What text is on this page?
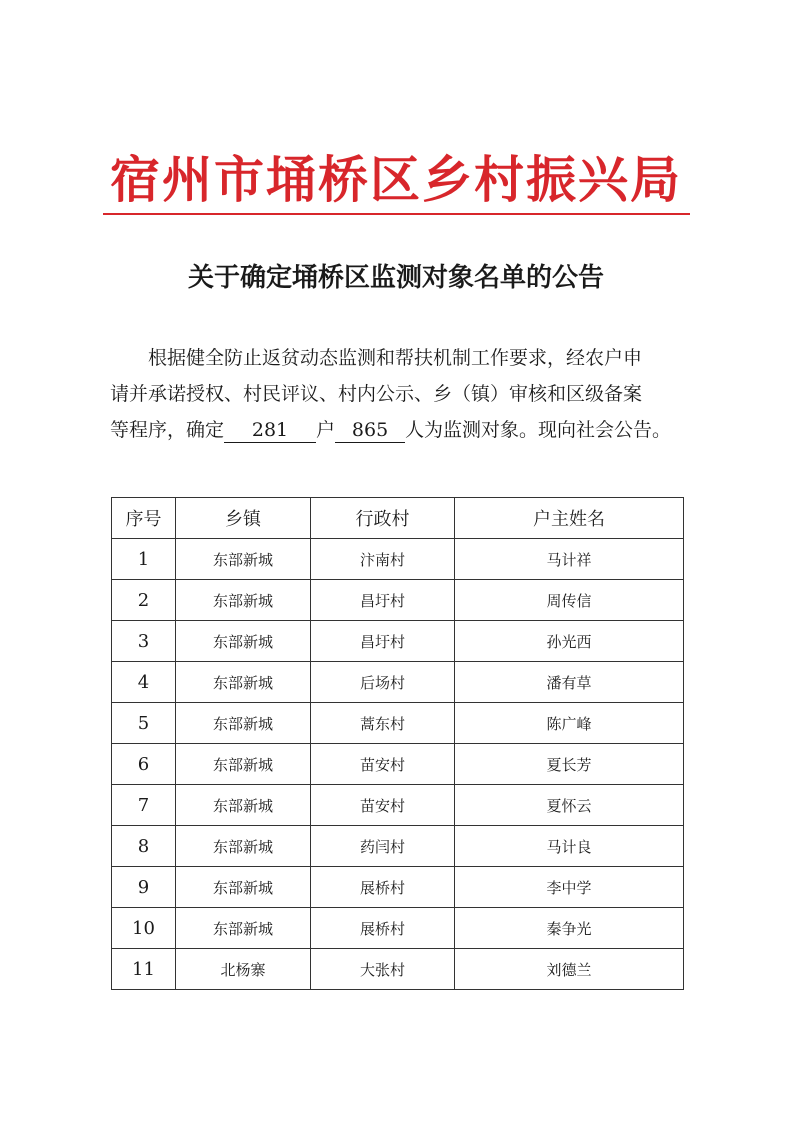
宿州市埇桥区乡村振兴局
关于确定埇桥区监测对象名单的公告
根据健全防止返贫动态监测和帮扶机制工作要求，经农户申
请并承诺授权、村民评议、村内公示、乡（镇）审核和区级备案
等程序，确定 281 户 865 人为监测对象。现向社会公告。
序号	乡镇	行政村	户主姓名
1	东部新城	汴南村	马计祥
2	东部新城	昌圩村	周传信
3	东部新城	昌圩村	孙光西
4	东部新城	后场村	潘有草
5	东部新城	蒿东村	陈广峰
6	东部新城	苗安村	夏长芳
7	东部新城	苗安村	夏怀云
8	东部新城	药闫村	马计良
9	东部新城	展桥村	李中学
10	东部新城	展桥村	秦争光
11	北杨寨	大张村	刘德兰
